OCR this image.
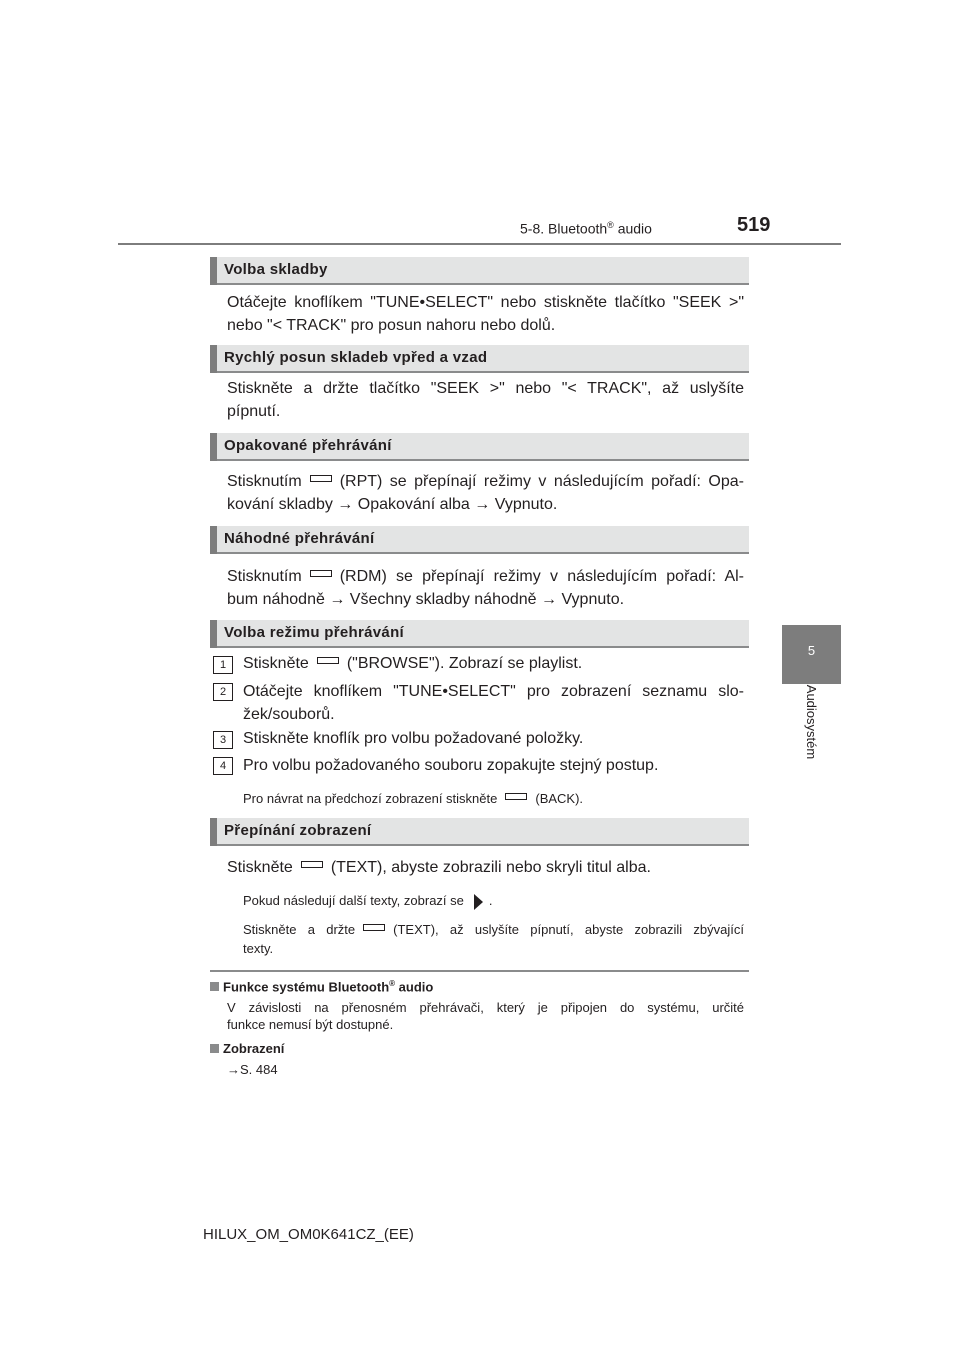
5-8. Bluetooth® audio	519
5
Audiosystém
Volba skladby
Otáčejte knoflíkem "TUNE•SELECT" nebo stiskněte tlačítko "SEEK >"
nebo "< TRACK" pro posun nahoru nebo dolů.
Rychlý posun skladeb vpřed a vzad
Stiskněte a držte tlačítko "SEEK >" nebo "< TRACK", až uslyšíte
pípnutí.
Opakované přehrávání
Stisknutím (RPT) se přepínají režimy v následujícím pořadí: Opa-
kování skladby → Opakování alba → Vypnuto.
Náhodné přehrávání
Stisknutím (RDM) se přepínají režimy v následujícím pořadí: Al-
bum náhodně → Všechny skladby náhodně → Vypnuto.
Volba režimu přehrávání
1	Stiskněte ("BROWSE"). Zobrazí se playlist.
2	Otáčejte knoflíkem "TUNE•SELECT" pro zobrazení seznamu slo-
žek/souborů.
3	Stiskněte knoflík pro volbu požadované položky.
4	Pro volbu požadovaného souboru zopakujte stejný postup.
Pro návrat na předchozí zobrazení stiskněte	(BACK).
Přepínání zobrazení
Stiskněte (TEXT), abyste zobrazili nebo skryli titul alba.
Pokud následují další texty, zobrazí se .
Stiskněte a držte	(TEXT), až uslyšíte pípnutí, abyste zobrazili zbývající
texty.
Funkce systému Bluetooth® audio
V závislosti na přenosném přehrávači, který je připojen do systému, určité
funkce nemusí být dostupné.
Zobrazení
→S. 484
HILUX_OM_OM0K641CZ_(EE)
